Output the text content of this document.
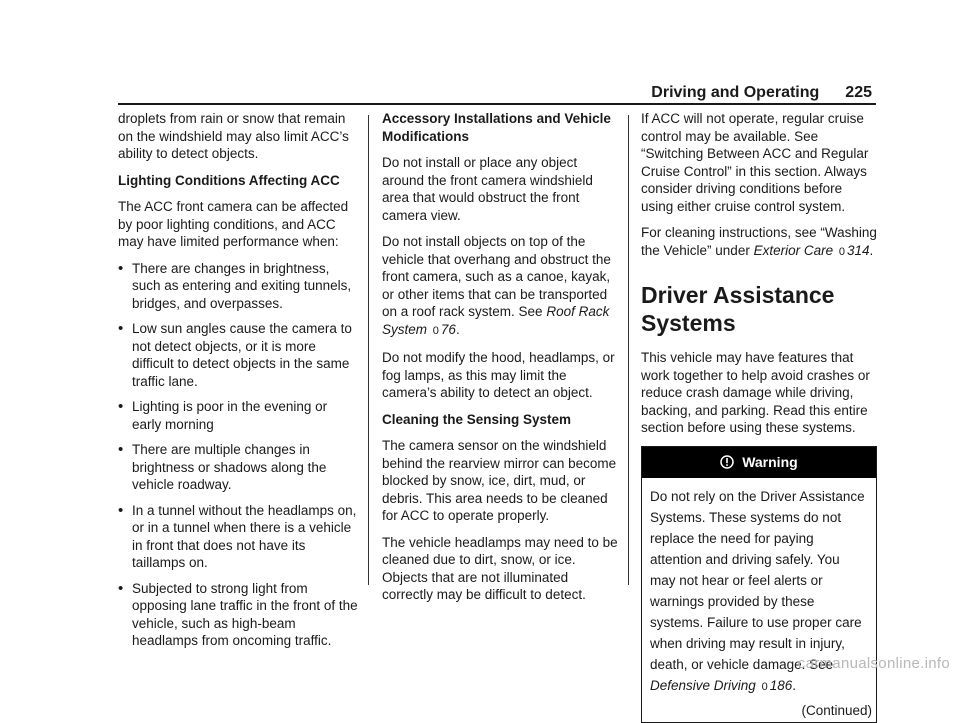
Driving and Operating 225

droplets from rain or snow that remain on the windshield may also limit ACC’s ability to detect objects.

Lighting Conditions Affecting ACC

The ACC front camera can be affected by poor lighting conditions, and ACC may have limited performance when:

• There are changes in brightness, such as entering and exiting tunnels, bridges, and overpasses.
• Low sun angles cause the camera to not detect objects, or it is more difficult to detect objects in the same traffic lane.
• Lighting is poor in the evening or early morning
• There are multiple changes in brightness or shadows along the vehicle roadway.
• In a tunnel without the headlamps on, or in a tunnel when there is a vehicle in front that does not have its taillamps on.
• Subjected to strong light from opposing lane traffic in the front of the vehicle, such as high-beam headlamps from oncoming traffic.

Accessory Installations and Vehicle Modifications

Do not install or place any object around the front camera windshield area that would obstruct the front camera view.

Do not install objects on top of the vehicle that overhang and obstruct the front camera, such as a canoe, kayak, or other items that can be transported on a roof rack system. See Roof Rack System 0 76.

Do not modify the hood, headlamps, or fog lamps, as this may limit the camera’s ability to detect an object.

Cleaning the Sensing System

The camera sensor on the windshield behind the rearview mirror can become blocked by snow, ice, dirt, mud, or debris. This area needs to be cleaned for ACC to operate properly.

The vehicle headlamps may need to be cleaned due to dirt, snow, or ice. Objects that are not illuminated correctly may be difficult to detect.

If ACC will not operate, regular cruise control may be available. See “Switching Between ACC and Regular Cruise Control” in this section. Always consider driving conditions before using either cruise control system.

For cleaning instructions, see “Washing the Vehicle” under Exterior Care 0 314.

Driver Assistance Systems

This vehicle may have features that work together to help avoid crashes or reduce crash damage while driving, backing, and parking. Read this entire section before using these systems.

Warning
Do not rely on the Driver Assistance Systems. These systems do not replace the need for paying attention and driving safely. You may not hear or feel alerts or warnings provided by these systems. Failure to use proper care when driving may result in injury, death, or vehicle damage. See Defensive Driving 0 186.
(Continued)
carmanualsonline.info
